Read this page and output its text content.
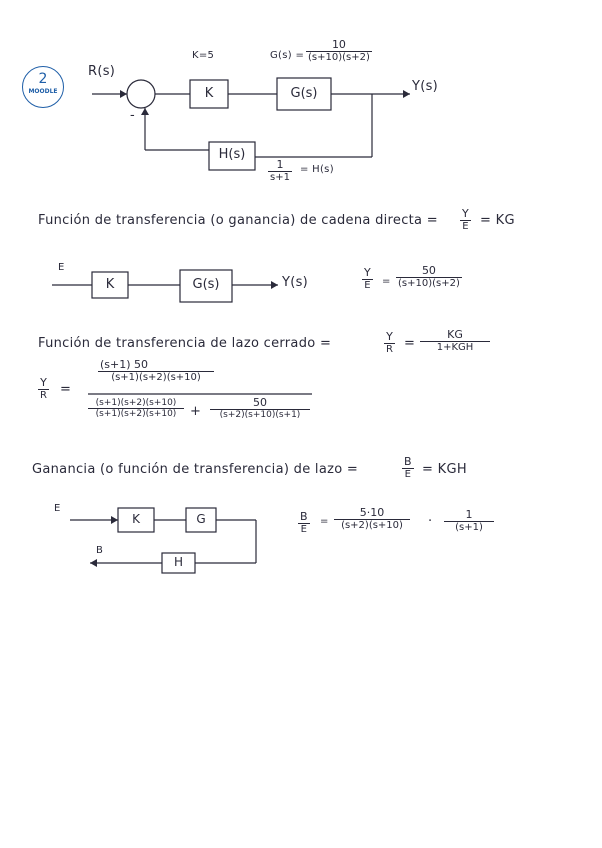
2
MOODLE
R(s)
K=5	$G(s) = \frac{10}{(s+10)(s+2)}$
Y(s)
K	G(s)
H(s)
-
$\frac{1}{s+1} = H(s)$
Función de transferencia (o ganancia) de cadena directa = $\frac{Y}{E}$ = KG
E
K	G(s)	Y(s)	$\frac{Y}{E} = \frac{50}{(s+10)(s+2)}$
Función de transferencia de lazo cerrado =	$\frac{Y}{R}$ =
KG
1+KGH
$\frac{Y}{R}$ =
$\frac{(s+1) 50}{(s+1)(s+2)(s+10)}$
$\frac{(s+1)(s+2)(s+10)}{(s+1)(s+2)(s+10)}$ +
50
(s+2)(s+10)(s+1)
Ganancia (o función de transferencia) de lazo =	$\frac{B}{E}$ = KGH
E
K	G
H
B
$\frac{B}{E} = \frac{5\cdot 10}{(s+2)(s+10)} \cdot \frac{1}{(s+1)}$
